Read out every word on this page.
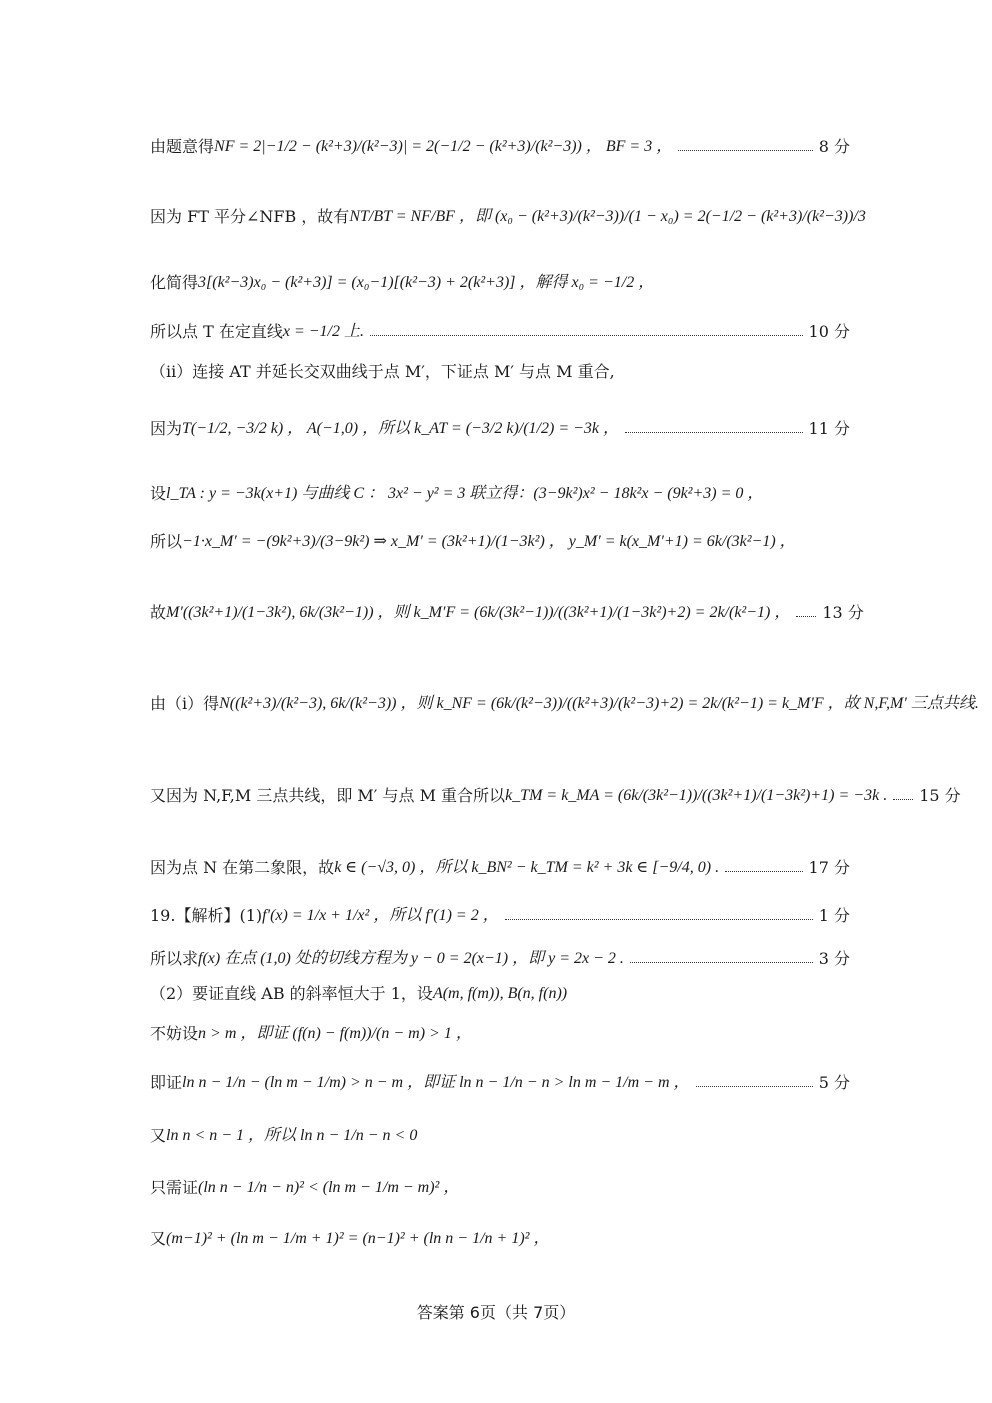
由题意得 NF = 2|−1/2 − (k²+3)/(k²−3)| = 2(−1/2 − (k²+3)/(k²−3)) ， BF = 3 ，	8 分
因为 FT 平分∠NFB ，故有 NT/BT = NF/BF ，即 (x₀ − (k²+3)/(k²−3))/(1 − x₀) = 2(−1/2 − (k²+3)/(k²−3))/3
化简得 3[(k²−3)x₀ − (k²+3)] = (x₀−1)[(k²−3) + 2(k²+3)] ，解得 x₀ = −1/2 ，
所以点 T 在定直线 x = −1/2 上.	10 分
（ii）连接 AT 并延长交双曲线于点 M′，下证点 M′ 与点 M 重合,
因为 T(−1/2, −3/2 k) ， A(−1,0) ，所以 k_AT = (−3/2 k)/(1/2) = −3k ，	11 分
设 l_TA : y = −3k(x+1) 与曲线 C ： 3x² − y² = 3 联立得：(3−9k²)x² − 18k²x − (9k²+3) = 0 ，
所以 −1·x_M′ = −(9k²+3)/(3−9k²) ⇒ x_M′ = (3k²+1)/(1−3k²) ， y_M′ = k(x_M′+1) = 6k/(3k²−1) ，
故 M′((3k²+1)/(1−3k²), 6k/(3k²−1)) ，则 k_M′F = (6k/(3k²−1))/((3k²+1)/(1−3k²)+2) = 2k/(k²−1) ， 13 分
由（i）得 N((k²+3)/(k²−3), 6k/(k²−3)) ，则 k_NF = (6k/(k²−3))/((k²+3)/(k²−3)+2) = 2k/(k²−1) = k_M′F ，故 N,F,M′ 三点共线.
又因为 N,F,M 三点共线，即 M′ 与点 M 重合所以 k_TM = k_MA = (6k/(3k²−1))/((3k²+1)/(1−3k²)+1) = −3k . 15 分
因为点 N 在第二象限，故 k ∈ (−√3, 0) ，所以 k_BN² − k_TM = k² + 3k ∈ [−9/4, 0) .	17 分
19.【解析】(1) f′(x) = 1/x + 1/x² ，所以 f′(1) = 2 ，	1 分
所以求 f(x) 在点 (1,0) 处的切线方程为 y − 0 = 2(x−1) ，即 y = 2x − 2 .	3 分
（2）要证直线 AB 的斜率恒大于 1，设 A(m, f(m)), B(n, f(n))
不妨设 n > m ，即证 (f(n) − f(m))/(n − m) > 1 ，
即证 ln n − 1/n − (ln m − 1/m) > n − m ，即证 ln n − 1/n − n > ln m − 1/m − m ，	5 分
又 ln n < n − 1 ，所以 ln n − 1/n − n < 0
只需证 (ln n − 1/n − n)² < (ln m − 1/m − m)² ，
又 (m−1)² + (ln m − 1/m + 1)² = (n−1)² + (ln n − 1/n + 1)² ，
答案第 6页（共 7页）
